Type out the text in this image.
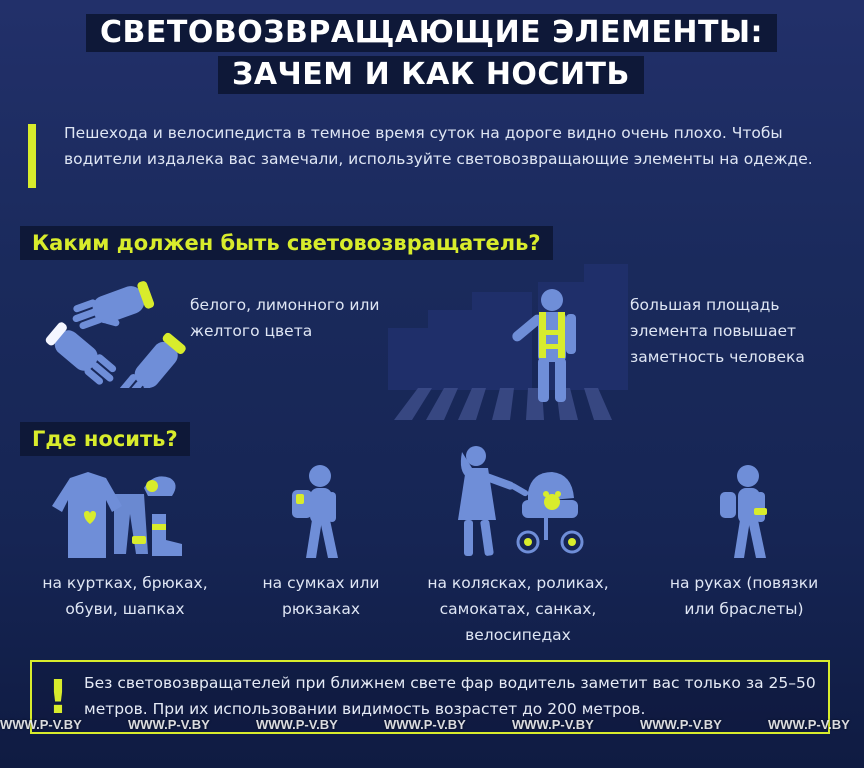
СВЕТОВОЗВРАЩАЮЩИЕ ЭЛЕМЕНТЫ:
ЗАЧЕМ И КАК НОСИТЬ
Пешехода и велосипедиста в темное время суток на дороге видно очень плохо. Чтобы водители издалека вас замечали, используйте световозвращающие элементы на одежде.
Каким должен быть световозвращатель?
белого, лимонного или желтого цвета
большая площадь элемента повышает заметность человека
Где носить?
на куртках, брюках, обуви, шапках
на сумках или рюкзаках
на колясках, роликах, самокатах, санках, велосипедах
на руках (повязки или браслеты)
! Без световозвращателей при ближнем свете фар водитель заметит вас только за 25–50 метров. При их использовании видимость возрастет до 200 метров.
WWW.P-V.BY	WWW.P-V.BY	WWW.P-V.BY	WWW.P-V.BY	WWW.P-V.BY	WWW.P-V.BY	WWW.P-V.BY
